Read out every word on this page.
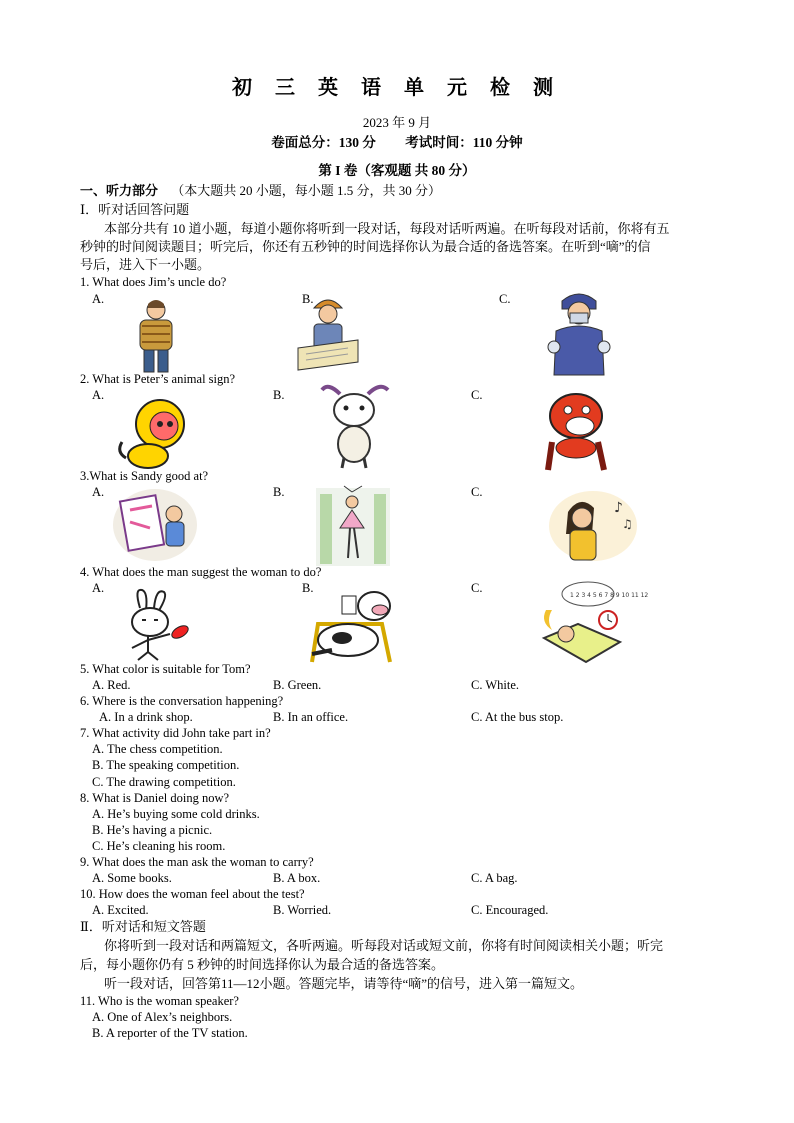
初 三 英 语 单 元 检 测
2023 年 9 月
卷面总分：130 分 考试时间：110 分钟
第 I 卷（客观题 共 80 分）
一、听力部分 （本大题共 20 小题，每小题 1.5 分，共 30 分）
Ⅰ．听对话回答问题
本部分共有 10 道小题，每道小题你将听到一段对话，每段对话听两遍。在听每段对话前，你将有五
秒钟的时间阅读题目；听完后，你还有五秒钟的时间选择你认为最合适的备选答案。在听到“嘀”的信
号后，进入下一小题。
1. What does Jim’s uncle do?
A.	B.	C.
2. What is Peter’s animal sign?
A.	B.	C.
3.What is Sandy good at?
A.	B.	C.
♪
♫
4. What does the man suggest the woman to do?
A.	B.	C.
1 2 3 4 5 6 7 8 9 10 11 12
5. What color is suitable for Tom?
A. Red.	B. Green.	C. White.
6. Where is the conversation happening?
A. In a drink shop.	B. In an office.	C. At the bus stop.
7. What activity did John take part in?
A. The chess competition.
B. The speaking competition.
C. The drawing competition.
8. What is Daniel doing now?
A. He’s buying some cold drinks.
B. He’s having a picnic.
C. He’s cleaning his room.
9. What does the man ask the woman to carry?
A. Some books.	B. A box.	C. A bag.
10. How does the woman feel about the test?
A. Excited.	B. Worried.	C. Encouraged.
Ⅱ．听对话和短文答题
你将听到一段对话和两篇短文，各听两遍。听每段对话或短文前，你将有时间阅读相关小题；听完
后，每小题你仍有 5 秒钟的时间选择你认为最合适的备选答案。
听一段对话，回答第11—12小题。答题完毕，请等待“嘀”的信号，进入第一篇短文。
11. Who is the woman speaker?
A. One of Alex’s neighbors.
B. A reporter of the TV station.
